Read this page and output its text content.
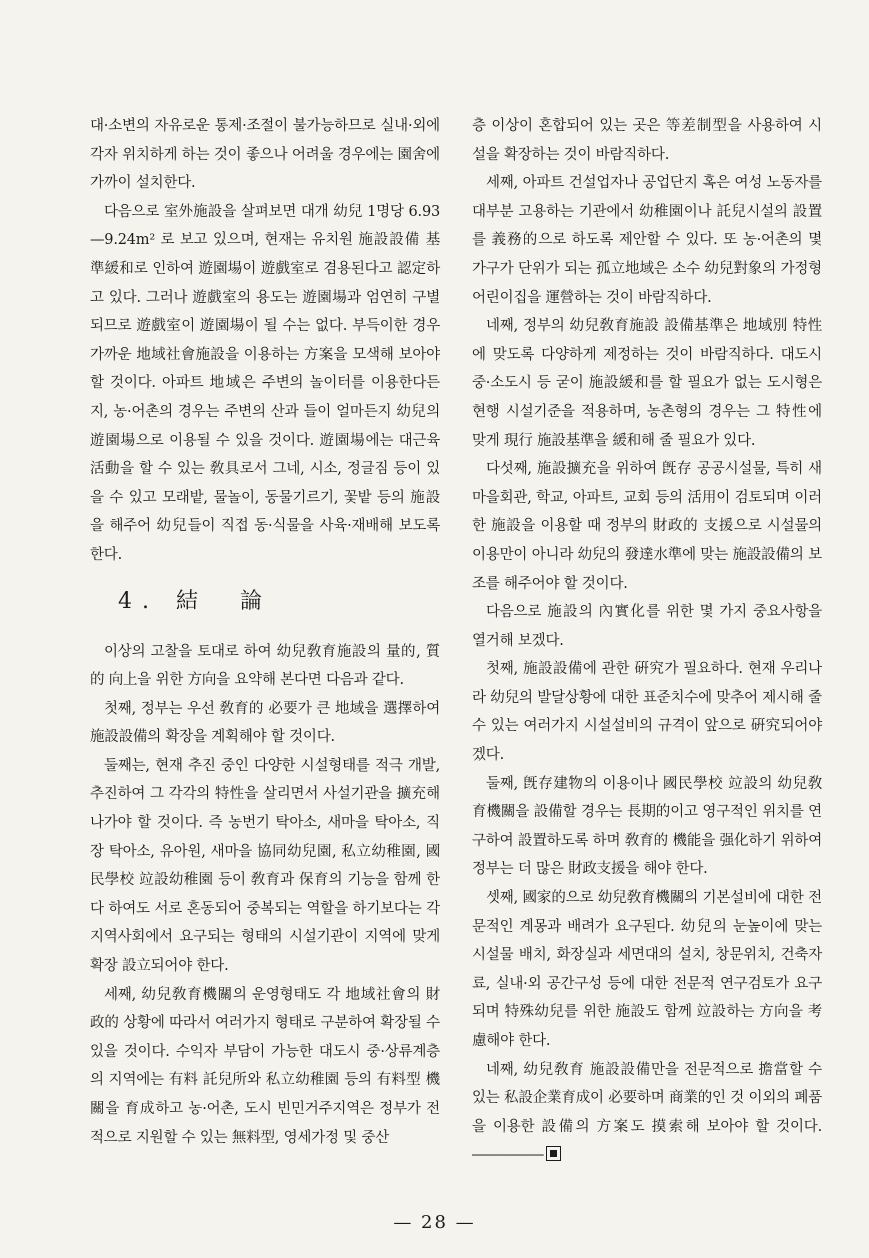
대·소변의 자유로운 통제·조절이 불가능하므로 실내·외에 각자 위치하게 하는 것이 좋으나 어려울 경우에는 園舍에 가까이 설치한다.

다음으로 室外施設을 살펴보면 대개 幼兒 1명당 6.93—9.24m² 로 보고 있으며, 현재는 유치원 施設設備 基準緩和로 인하여 遊園場이 遊戲室로 겸용된다고 認定하고 있다. 그러나 遊戲室의 용도는 遊園場과 엄연히 구별되므로 遊戲室이 遊園場이 될 수는 없다. 부득이한 경우 가까운 地域社會施設을 이용하는 方案을 모색해 보아야 할 것이다. 아파트 地域은 주변의 놀이터를 이용한다든지, 농·어촌의 경우는 주변의 산과 들이 얼마든지 幼兒의 遊園場으로 이용될 수 있을 것이다. 遊園場에는 대근육活動을 할 수 있는 敎具로서 그네, 시소, 정글짐 등이 있을 수 있고 모래밭, 물놀이, 동물기르기, 꽃밭 등의 施設을 해주어 幼兒들이 직접 동·식물을 사육·재배해 보도록 한다.

4. 結　論

이상의 고찰을 토대로 하여 幼兒敎育施設의 量的, 質的 向上을 위한 方向을 요약해 본다면 다음과 같다.

첫째, 정부는 우선 敎育的 必要가 큰 地域을 選擇하여 施設設備의 확장을 계획해야 할 것이다.

둘째는, 현재 추진 중인 다양한 시설형태를 적극 개발, 추진하여 그 각각의 特性을 살리면서 사설기관을 擴充해 나가야 할 것이다. 즉 농번기 탁아소, 새마을 탁아소, 직장 탁아소, 유아원, 새마을 協同幼兒園, 私立幼稚園, 國民學校 竝設幼稚園 등이 敎育과 保育의 기능을 함께 한다 하여도 서로 혼동되어 중복되는 역할을 하기보다는 각 지역사회에서 요구되는 형태의 시설기관이 지역에 맞게 확장 設立되어야 한다.

세째, 幼兒敎育機關의 운영형태도 각 地域社會의 財政的 상황에 따라서 여러가지 형태로 구분하여 확장될 수 있을 것이다. 수익자 부담이 가능한 대도시 중·상류계층의 지역에는 有料 託兒所와 私立幼稚園 등의 有料型 機關을 育成하고 농·어촌, 도시 빈민거주지역은 정부가 전적으로 지원할 수 있는 無料型, 영세가정 및 중산

층 이상이 혼합되어 있는 곳은 等差制型을 사용하여 시설을 확장하는 것이 바람직하다.

세째, 아파트 건설업자나 공업단지 혹은 여성 노동자를 대부분 고용하는 기관에서 幼稚園이나 託兒시설의 設置를 義務的으로 하도록 제안할 수 있다. 또 농·어촌의 몇 가구가 단위가 되는 孤立地域은 소수 幼兒對象의 가정형 어린이집을 運營하는 것이 바람직하다.

네째, 정부의 幼兒敎育施設 設備基準은 地域別 特性에 맞도록 다양하게 제정하는 것이 바람직하다. 대도시 중·소도시 등 굳이 施設緩和를 할 필요가 없는 도시형은 현행 시설기준을 적용하며, 농촌형의 경우는 그 特性에 맞게 現行 施設基準을 緩和해 줄 필요가 있다.

다섯째, 施設擴充을 위하여 旣存 공공시설물, 특히 새마을회관, 학교, 아파트, 교회 등의 活用이 검토되며 이러한 施設을 이용할 때 정부의 財政的 支援으로 시설물의 이용만이 아니라 幼兒의 發達水準에 맞는 施設設備의 보조를 해주어야 할 것이다.

다음으로 施設의 內實化를 위한 몇 가지 중요사항을 열거해 보겠다.

첫째, 施設設備에 관한 硏究가 필요하다. 현재 우리나라 幼兒의 발달상황에 대한 표준치수에 맞추어 제시해 줄 수 있는 여러가지 시설설비의 규격이 앞으로 硏究되어야 겠다.

둘째, 旣存建物의 이용이나 國民學校 竝設의 幼兒敎育機關을 設備할 경우는 長期的이고 영구적인 위치를 연구하여 設置하도록 하며 敎育的 機能을 强化하기 위하여 정부는 더 많은 財政支援을 해야 한다.

셋째, 國家的으로 幼兒敎育機關의 기본설비에 대한 전문적인 계몽과 배려가 요구된다. 幼兒의 눈높이에 맞는 시설물 배치, 화장실과 세면대의 설치, 창문위치, 건축자료, 실내·외 공간구성 등에 대한 전문적 연구검토가 요구되며 特殊幼兒를 위한 施設도 함께 竝設하는 方向을 考慮해야 한다.

네째, 幼兒敎育 施設設備만을 전문적으로 擔當할 수 있는 私設企業育成이 必要하며 商業的인 것 이외의 폐품을 이용한 設備의 方案도 摸索해 보아야 할 것이다. ―――――

— 28 —
